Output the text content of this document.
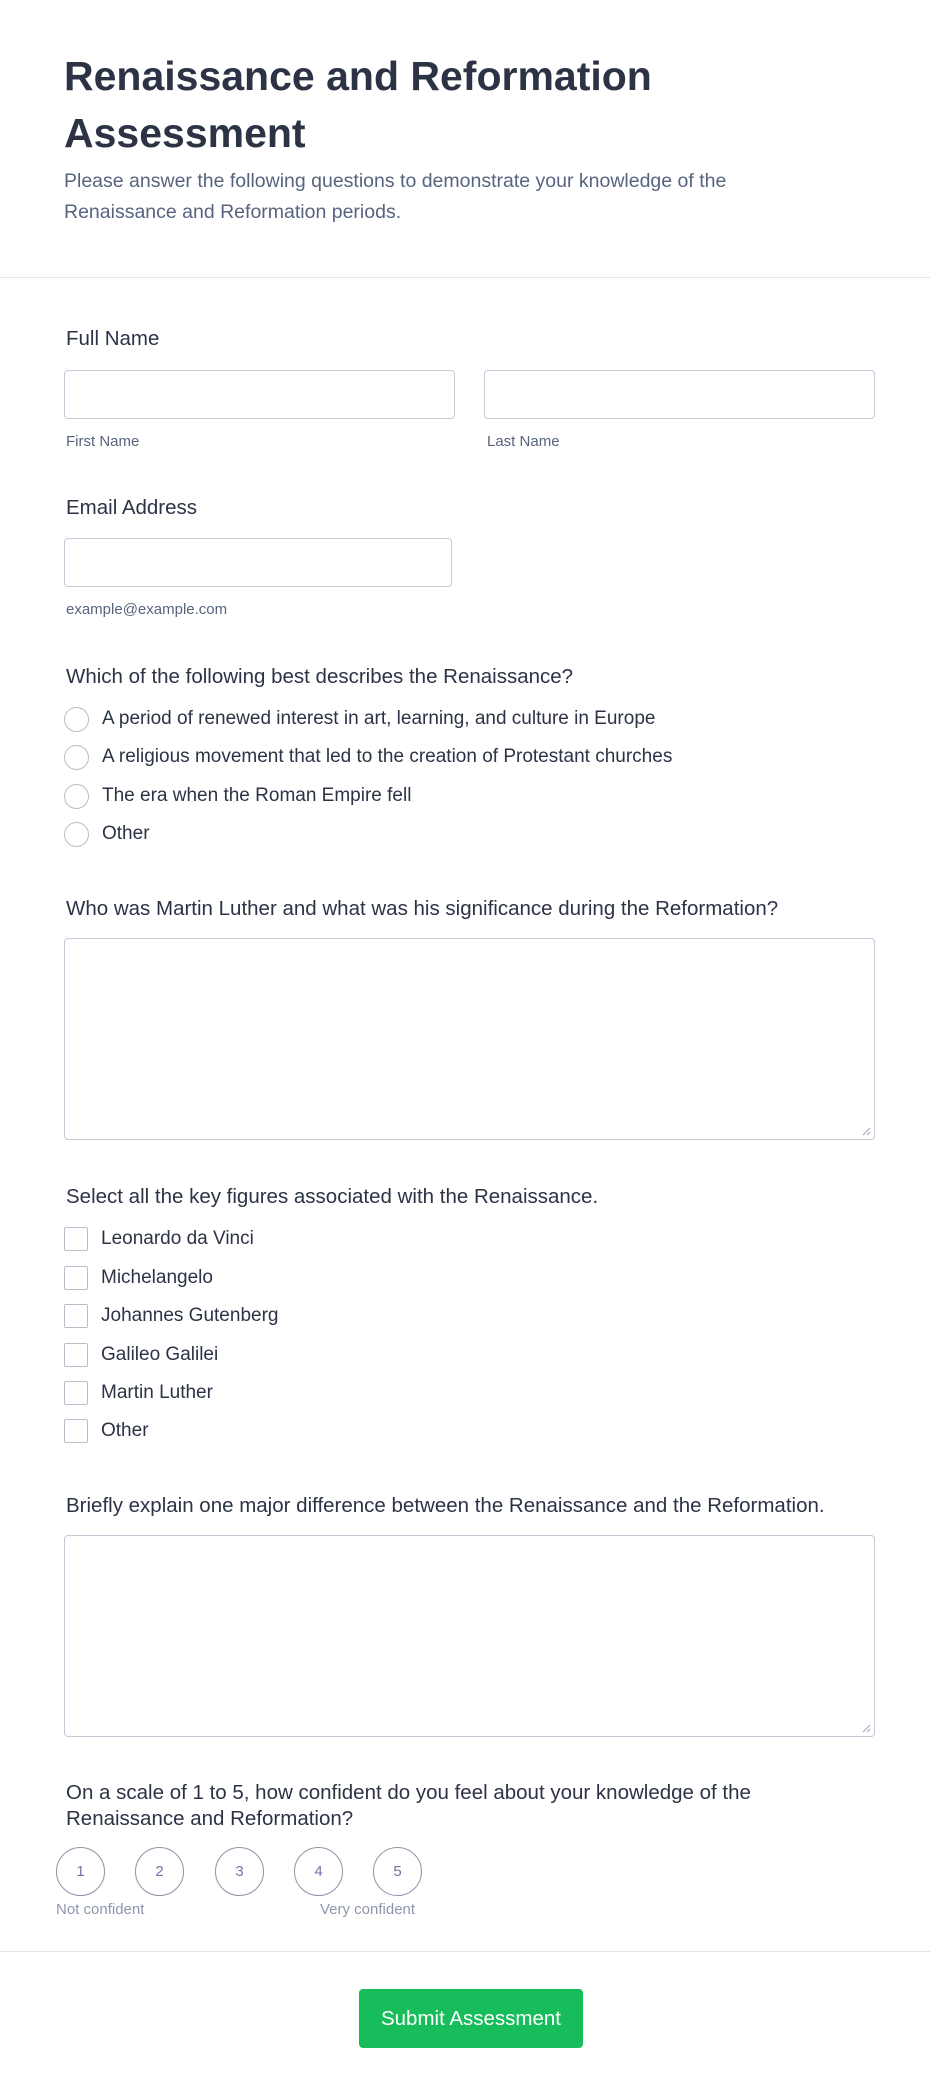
Renaissance and Reformation
Assessment
Please answer the following questions to demonstrate your knowledge of the
Renaissance and Reformation periods.
Full Name
First Name	Last Name
Email Address
example@example.com
Which of the following best describes the Renaissance?
A period of renewed interest in art, learning, and culture in Europe
A religious movement that led to the creation of Protestant churches
The era when the Roman Empire fell
Other
Who was Martin Luther and what was his significance during the Reformation?
Select all the key figures associated with the Renaissance.
Leonardo da Vinci
Michelangelo
Johannes Gutenberg
Galileo Galilei
Martin Luther
Other
Briefly explain one major difference between the Renaissance and the Reformation.
On a scale of 1 to 5, how confident do you feel about your knowledge of the
Renaissance and Reformation?
1	2	3	4	5
Not confident	Very confident
Submit Assessment
